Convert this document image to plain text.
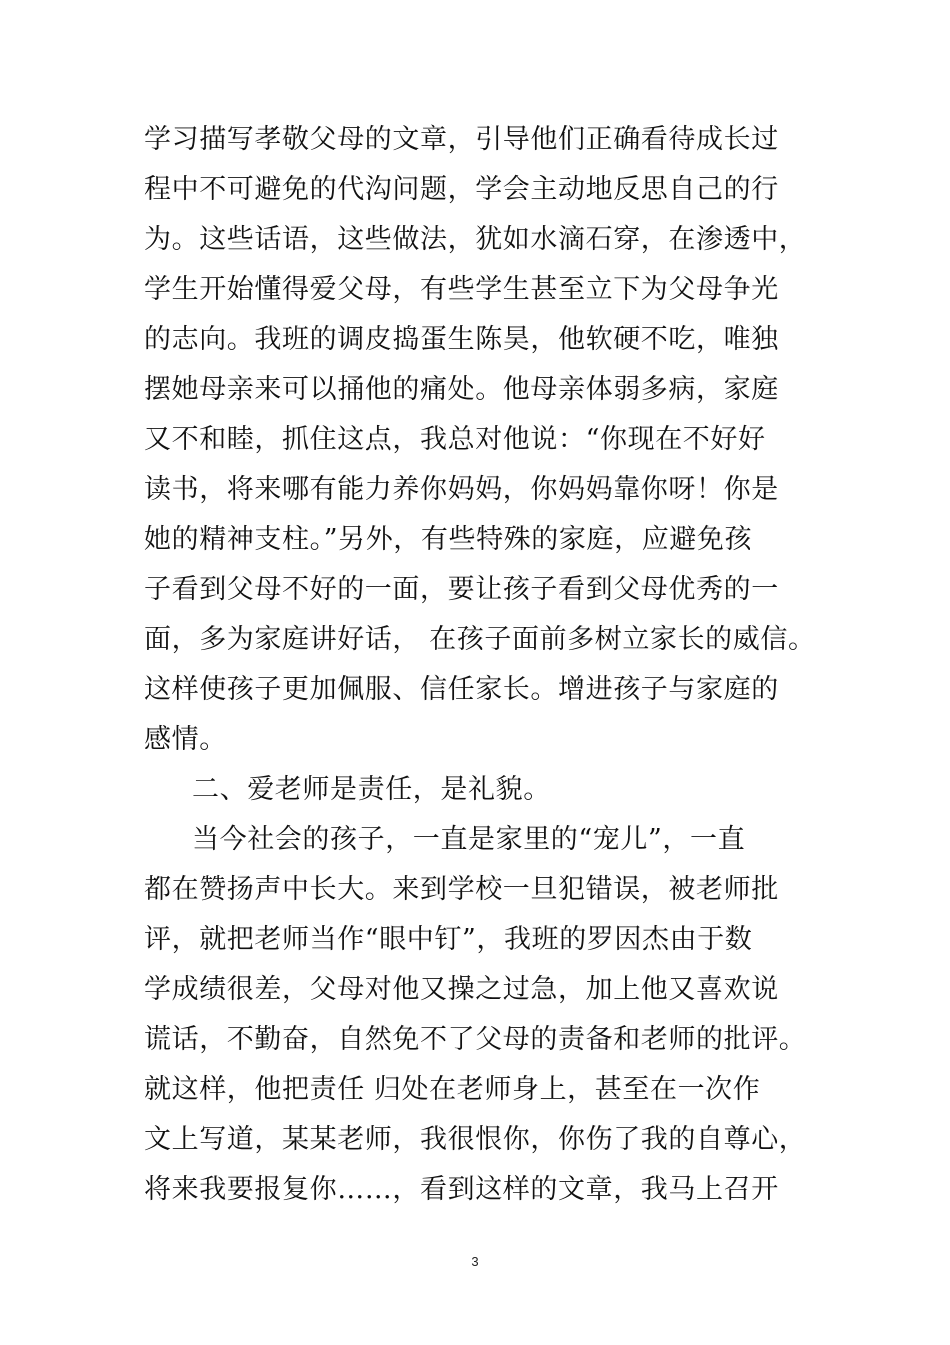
学习描写孝敬父母的文章，引导他们正确看待成长过
程中不可避免的代沟问题，学会主动地反思自己的行
为。这些话语，这些做法，犹如水滴石穿，在渗透中，
学生开始懂得爱父母，有些学生甚至立下为父母争光
的志向。我班的调皮捣蛋生陈昊，他软硬不吃，唯独
摆她母亲来可以捅他的痛处。他母亲体弱多病，家庭
又不和睦，抓住这点，我总对他说：“你现在不好好
读书，将来哪有能力养你妈妈，你妈妈靠你呀！你是
她的精神支柱。”另外，有些特殊的家庭，应避免孩
子看到父母不好的一面，要让孩子看到父母优秀的一
面，多为家庭讲好话， 在孩子面前多树立家长的威信。
这样使孩子更加佩服、信任家长。增进孩子与家庭的
感情。
二、爱老师是责任，是礼貌。
当今社会的孩子，一直是家里的“宠儿”，一直
都在赞扬声中长大。来到学校一旦犯错误，被老师批
评，就把老师当作“眼中钉”，我班的罗因杰由于数
学成绩很差，父母对他又操之过急，加上他又喜欢说
谎话，不勤奋，自然免不了父母的责备和老师的批评。
就这样，他把责任 归处在老师身上，甚至在一次作
文上写道，某某老师，我很恨你，你伤了我的自尊心，
将来我要报复你……，看到这样的文章，我马上召开
3
